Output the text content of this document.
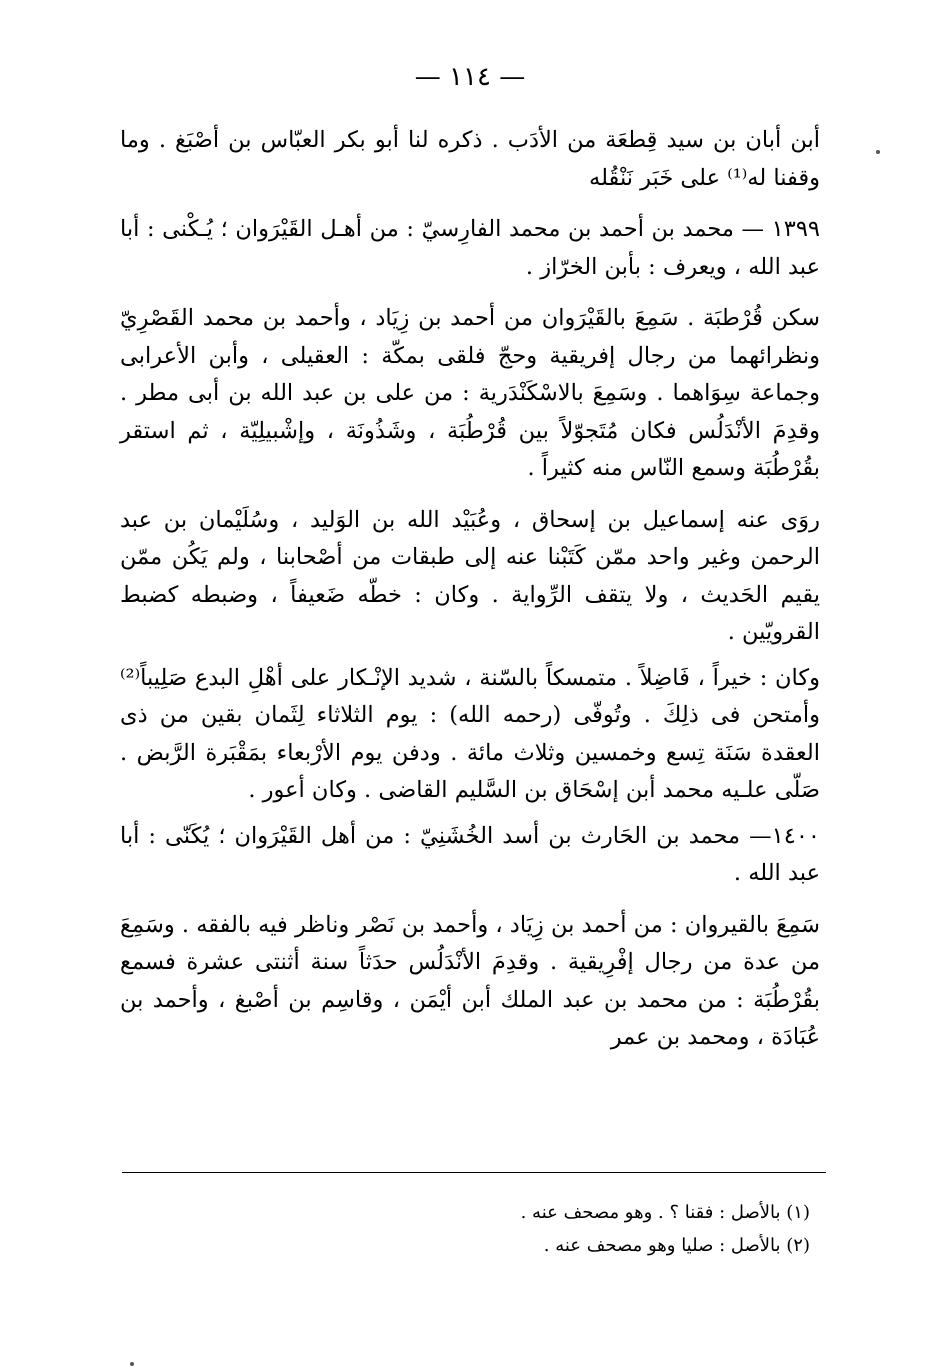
— ١١٤ —

أبن أبان بن سيد قِطعَة من الأدَب . ذكره لنا أبو بكر العبّاس بن أصْبَغ . وما وقفنا له⁽¹⁾ على خَبَر نَنْقُله

١٣٩٩ — محمد بن أحمد بن محمد الفارِسيّ : من أهـل القَيْرَوان ؛ يُـكْنى : أبا عبد الله ، ويعرف : بأبن الخرّاز .

سكن قُرْطبَة . سَمِعَ بالقَيْرَوان من أحمد بن زِيَاد ، وأحمد بن محمد القَصْرِيّ ونظرائهما من رجال إفريقية وحجّ فلقى بمكّة : العقيلى ، وأبن الأعرابى وجماعة سِوَاهما . وسَمِعَ بالاسْكَنْدَرية : من على بن عبد الله بن أبى مطر . وقدِمَ الأنْدَلُس فكان مُتَجوّلاً بين قُرْطُبَة ، وشَذُونَة ، وإشْبيلِيّة ، ثم استقر بقُرْطُبَة وسمع النّاس منه كثيراً .

روَى عنه إسماعيل بن إسحاق ، وعُبَيْد الله بن الوَليد ، وسُلَيْمان بن عبد الرحمن وغير واحد ممّن كَتَبْنا عنه إلى طبقات من أصْحابنا ، ولم يَكُن ممّن يقيم الحَديث ، ولا يتقف الرِّواية . وكان : خطّه ضَعيفاً ، وضبطه كضبط القرويّين .

وكان : خيراً ، فَاضِلاً . متمسكاً بالسّنة ، شديد الإنْـكار على أهْلِ البدع صَلِيباً⁽²⁾ وأمتحن فى ذلِكَ . وتُوفّى (رحمه الله) : يوم الثلاثاء لِثَمان بقين من ذى العقدة سَنَة تِسع وخمسين وثلاث مائة . ودفن يوم الأرْبعاء بمَقْبَرة الرَّبض . صَلّى علـيه محمد أبن إسْحَاق بن السَّليم القاضى . وكان أعور .

١٤٠٠— محمد بن الحَارث بن أسد الخُشَنِيّ : من أهل القَيْرَوان ؛ يُكَنّى : أبا عبد الله .

سَمِعَ بالقيروان : من أحمد بن زِيَاد ، وأحمد بن نَصْر وناظر فيه بالفقه . وسَمِعَ من عدة من رجال إفْرِيقية . وقدِمَ الأنْدَلُس حدَثاً سنة أثنتى عشرة فسمع بقُرْطُبَة : من محمد بن عبد الملك أبن أيْمَن ، وقاسِم بن أصْبغ ، وأحمد بن عُبَادَة ، ومحمد بن عمر

(١) بالأصل : فقنا ؟ . وهو مصحف عنه .

(٢) بالأصل : صليا وهو مصحف عنه .
